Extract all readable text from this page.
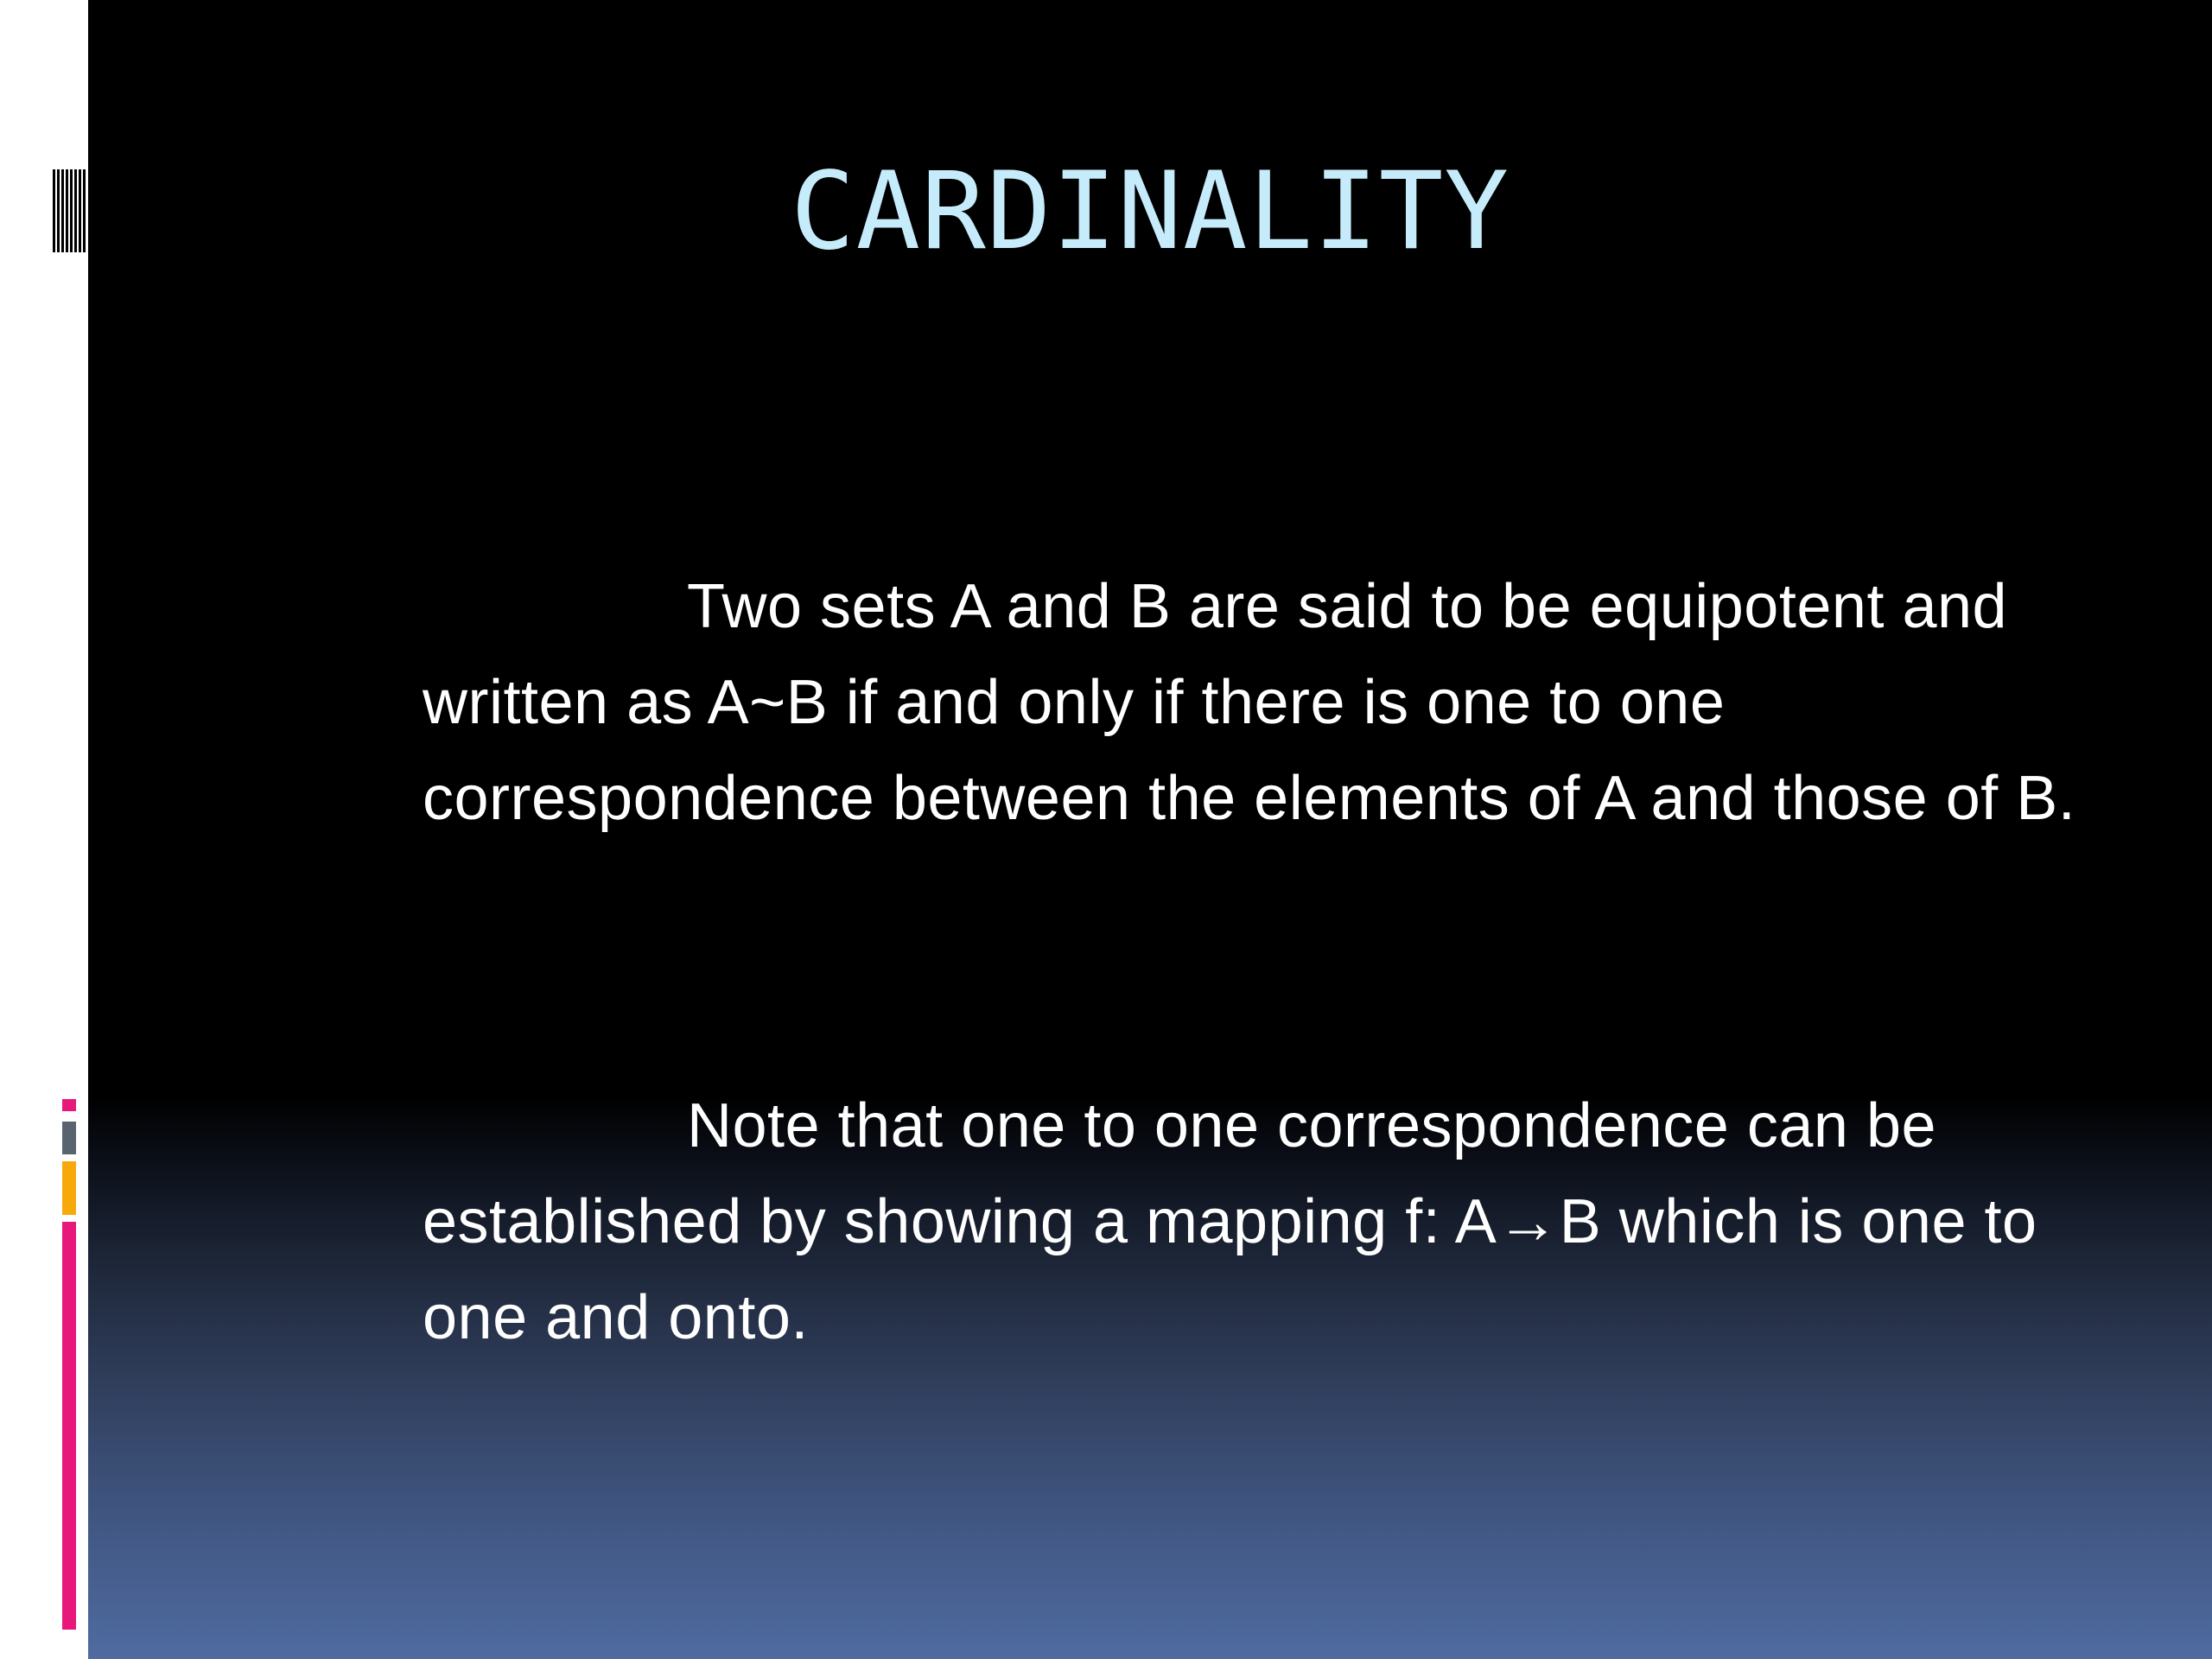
CARDINALITY

Two sets A and B are said to be equipotent and written as A~B if and only if there is one to one correspondence between the elements of A and those of B.

Note that one to one correspondence can be established by showing a mapping f: A→B which is one to one and onto.
